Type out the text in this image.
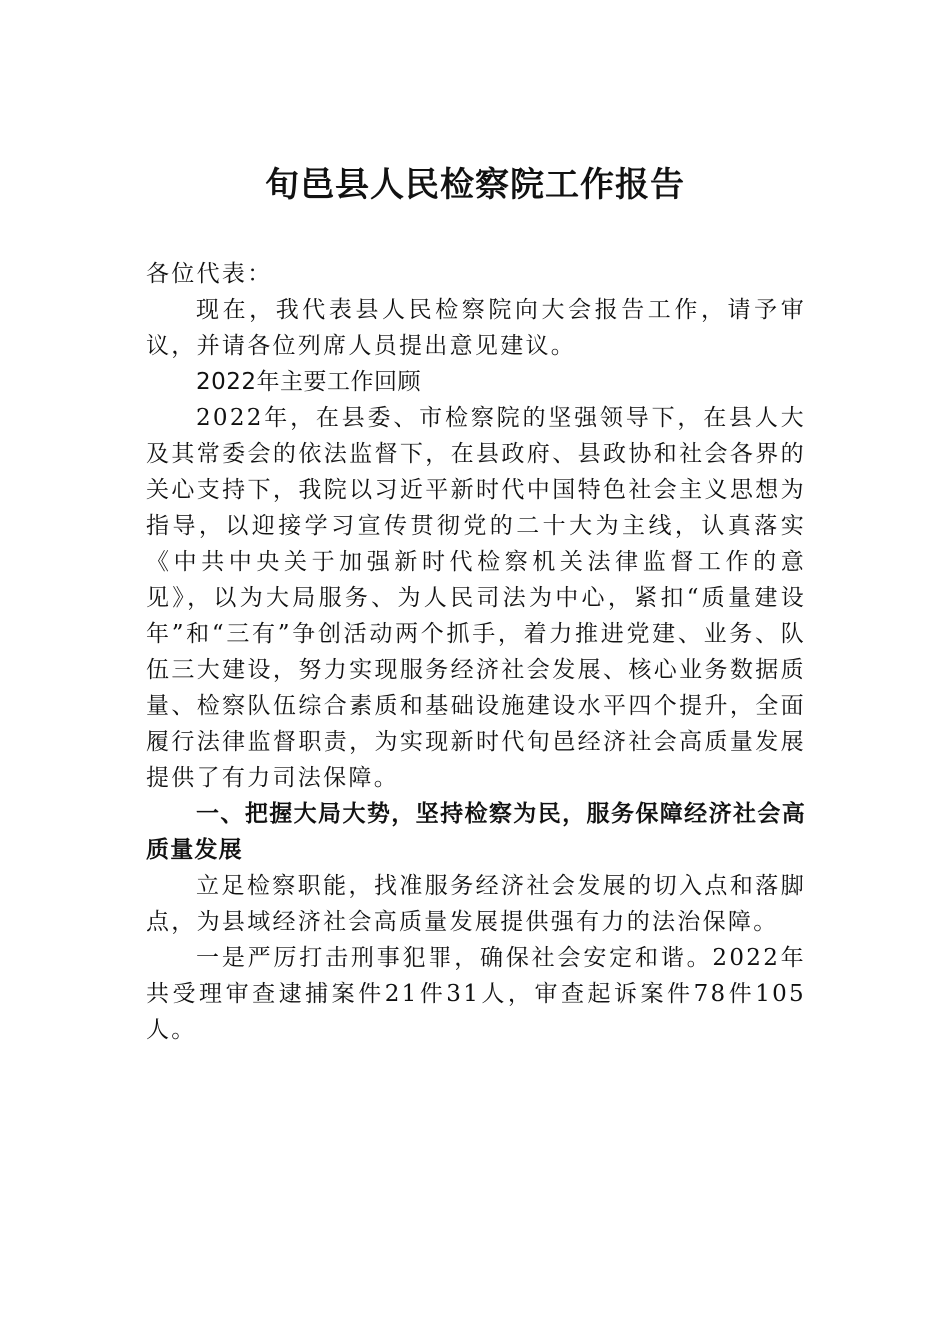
旬邑县人民检察院工作报告

各位代表：

现在，我代表县人民检察院向大会报告工作，请予审议，并请各位列席人员提出意见建议。

2022年主要工作回顾

2022年，在县委、市检察院的坚强领导下，在县人大及其常委会的依法监督下，在县政府、县政协和社会各界的关心支持下，我院以习近平新时代中国特色社会主义思想为指导，以迎接学习宣传贯彻党的二十大为主线，认真落实《中共中央关于加强新时代检察机关法律监督工作的意见》，以为大局服务、为人民司法为中心，紧扣“质量建设年”和“三有”争创活动两个抓手，着力推进党建、业务、队伍三大建设，努力实现服务经济社会发展、核心业务数据质量、检察队伍综合素质和基础设施建设水平四个提升，全面履行法律监督职责，为实现新时代旬邑经济社会高质量发展提供了有力司法保障。

一、把握大局大势，坚持检察为民，服务保障经济社会高质量发展

立足检察职能，找准服务经济社会发展的切入点和落脚点，为县域经济社会高质量发展提供强有力的法治保障。

一是严厉打击刑事犯罪，确保社会安定和谐。2022年共受理审查逮捕案件21件31人，审查起诉案件78件105人。
